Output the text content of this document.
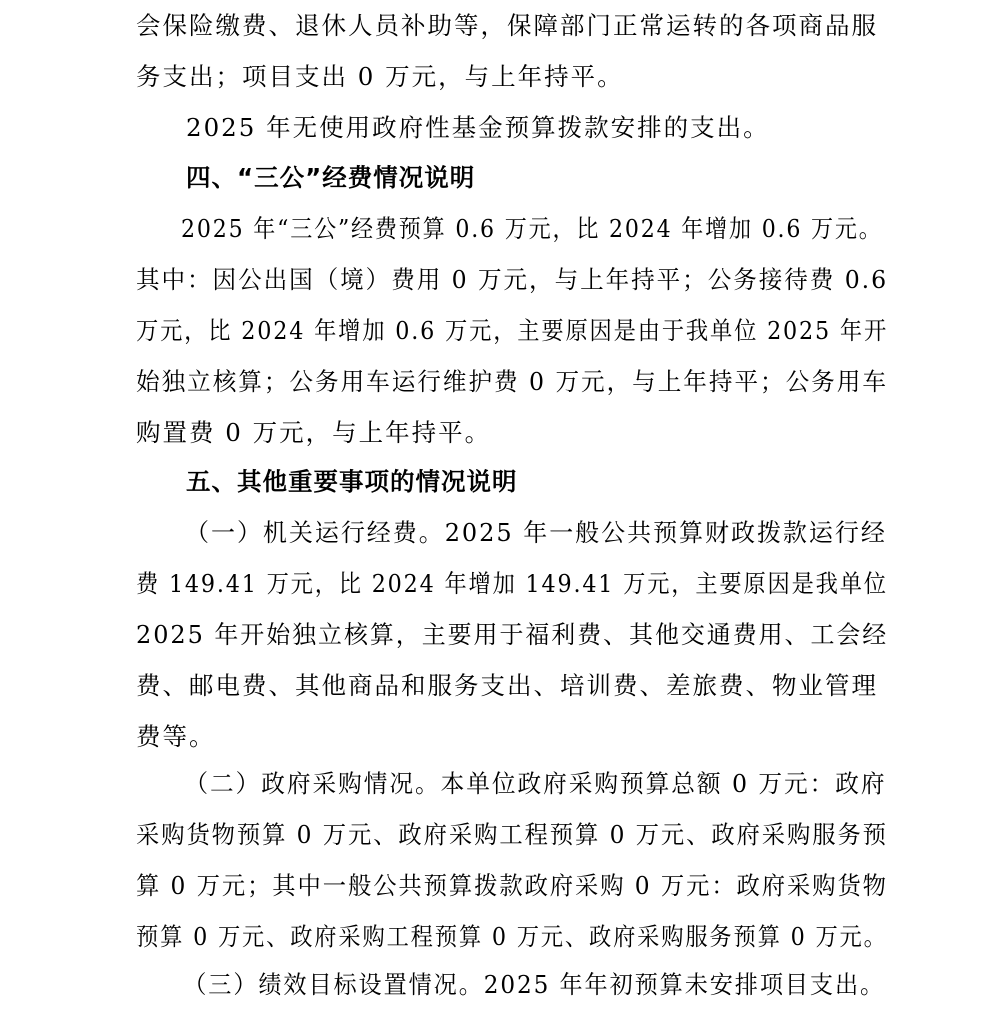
会保险缴费、退休人员补助等，保障部门正常运转的各项商品服
务支出；项目支出 0 万元，与上年持平。
2025 年无使用政府性基金预算拨款安排的支出。
四、“三公”经费情况说明
2025 年“三公”经费预算 0.6 万元，比 2024 年增加 0.6 万元。
其中：因公出国（境）费用 0 万元，与上年持平；公务接待费 0.6
万元，比 2024 年增加 0.6 万元，主要原因是由于我单位 2025 年开
始独立核算；公务用车运行维护费 0 万元，与上年持平；公务用车
购置费 0 万元，与上年持平。
五、其他重要事项的情况说明
（一）机关运行经费。2025 年一般公共预算财政拨款运行经
费 149.41 万元，比 2024 年增加 149.41 万元，主要原因是我单位
2025 年开始独立核算，主要用于福利费、其他交通费用、工会经
费、邮电费、其他商品和服务支出、培训费、差旅费、物业管理
费等。
（二）政府采购情况。本单位政府采购预算总额 0 万元：政府
采购货物预算 0 万元、政府采购工程预算 0 万元、政府采购服务预
算 0 万元；其中一般公共预算拨款政府采购 0 万元：政府采购货物
预算 0 万元、政府采购工程预算 0 万元、政府采购服务预算 0 万元。
（三）绩效目标设置情况。2025 年年初预算未安排项目支出。
